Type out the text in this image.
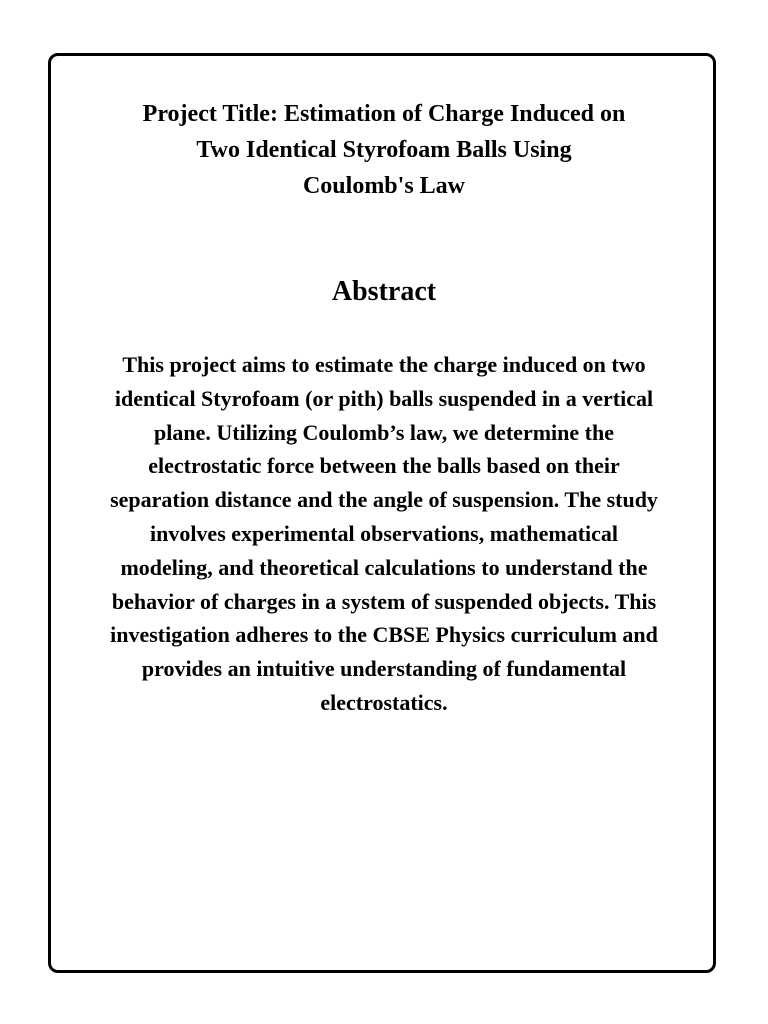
Project Title: Estimation of Charge Induced on
Two Identical Styrofoam Balls Using
Coulomb's Law
Abstract

This project aims to estimate the charge induced on two
identical Styrofoam (or pith) balls suspended in a vertical
plane. Utilizing Coulomb’s law, we determine the
electrostatic force between the balls based on their
separation distance and the angle of suspension. The study
involves experimental observations, mathematical
modeling, and theoretical calculations to understand the
behavior of charges in a system of suspended objects. This
investigation adheres to the CBSE Physics curriculum and
provides an intuitive understanding of fundamental
electrostatics.
